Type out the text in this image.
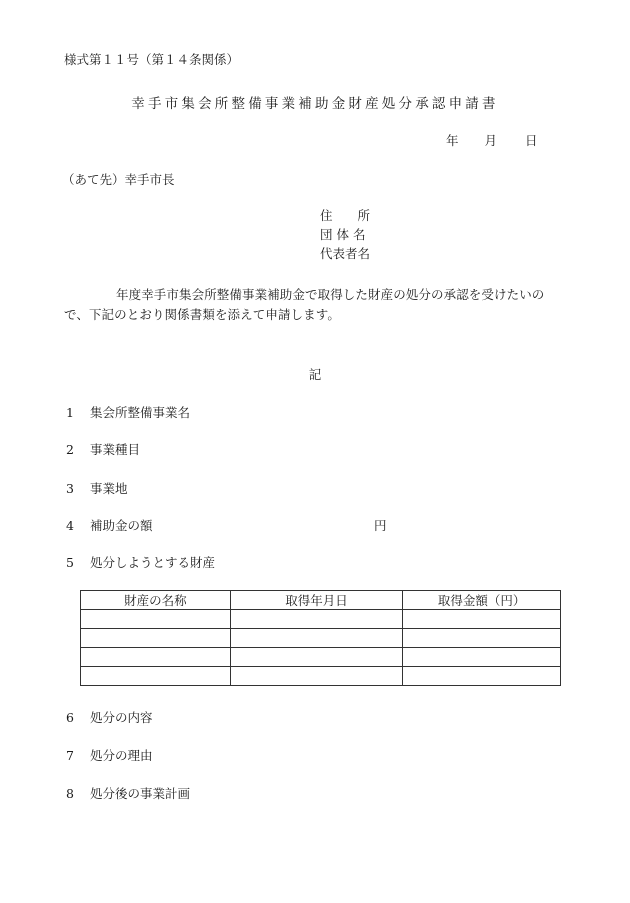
様式第１１号（第１４条関係）
幸手市集会所整備事業補助金財産処分承認申請書
年 月 日
（あて先）幸手市長
住　　所
団 体 名
代表者名
年度幸手市集会所整備事業補助金で取得した財産の処分の承認を受けたいので、下記のとおり関係書類を添えて申請します。
記
1 集会所整備事業名
2 事業種目
3 事業地
4 補助金の額	円
5 処分しようとする財産
財産の名称	取得年月日	取得金額（円）

6 処分の内容
7 処分の理由
8 処分後の事業計画
